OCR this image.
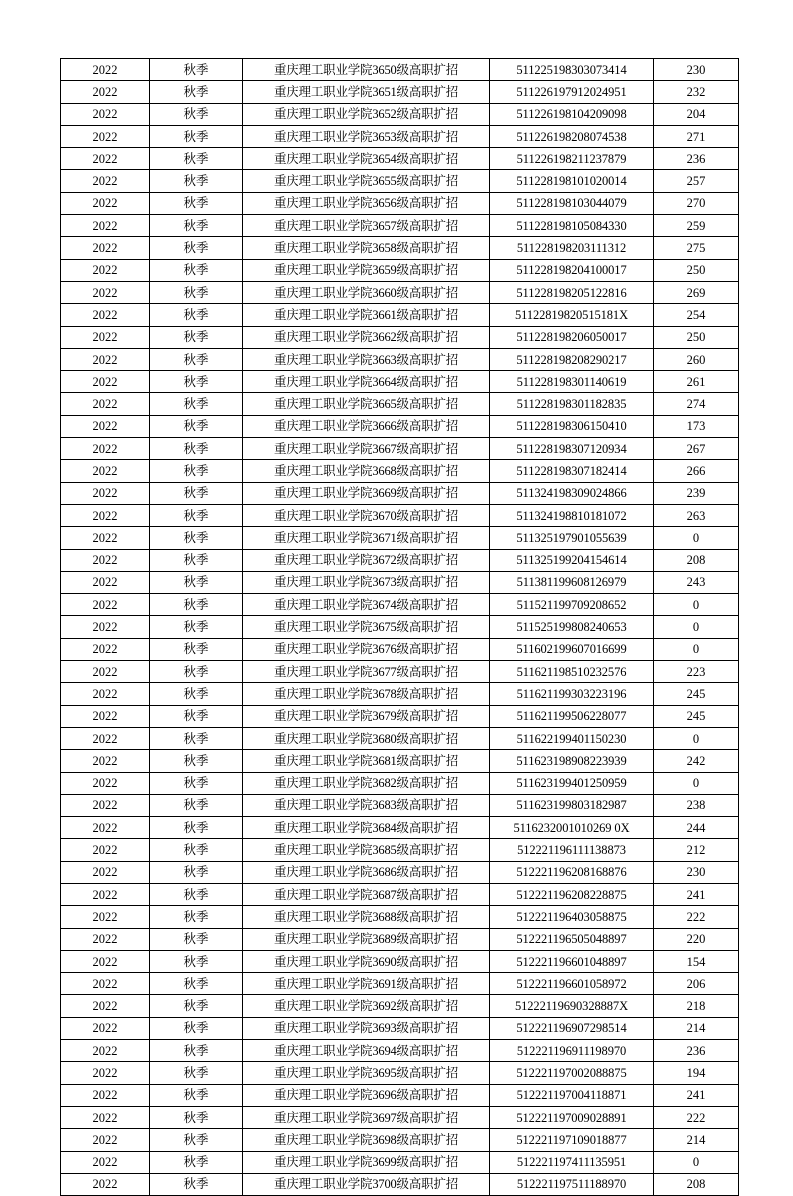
2022	秋季	重庆理工职业学院3650级高职扩招	511225198303073414	230
2022	秋季	重庆理工职业学院3651级高职扩招	511226197912024951	232
2022	秋季	重庆理工职业学院3652级高职扩招	511226198104209098	204
2022	秋季	重庆理工职业学院3653级高职扩招	511226198208074538	271
2022	秋季	重庆理工职业学院3654级高职扩招	511226198211237879	236
2022	秋季	重庆理工职业学院3655级高职扩招	511228198101020014	257
2022	秋季	重庆理工职业学院3656级高职扩招	511228198103044079	270
2022	秋季	重庆理工职业学院3657级高职扩招	511228198105084330	259
2022	秋季	重庆理工职业学院3658级高职扩招	511228198203111312	275
2022	秋季	重庆理工职业学院3659级高职扩招	511228198204100017	250
2022	秋季	重庆理工职业学院3660级高职扩招	511228198205122816	269
2022	秋季	重庆理工职业学院3661级高职扩招	51122819820515181X	254
2022	秋季	重庆理工职业学院3662级高职扩招	511228198206050017	250
2022	秋季	重庆理工职业学院3663级高职扩招	511228198208290217	260
2022	秋季	重庆理工职业学院3664级高职扩招	511228198301140619	261
2022	秋季	重庆理工职业学院3665级高职扩招	511228198301182835	274
2022	秋季	重庆理工职业学院3666级高职扩招	511228198306150410	173
2022	秋季	重庆理工职业学院3667级高职扩招	511228198307120934	267
2022	秋季	重庆理工职业学院3668级高职扩招	511228198307182414	266
2022	秋季	重庆理工职业学院3669级高职扩招	511324198309024866	239
2022	秋季	重庆理工职业学院3670级高职扩招	511324198810181072	263
2022	秋季	重庆理工职业学院3671级高职扩招	511325197901055639	0
2022	秋季	重庆理工职业学院3672级高职扩招	511325199204154614	208
2022	秋季	重庆理工职业学院3673级高职扩招	511381199608126979	243
2022	秋季	重庆理工职业学院3674级高职扩招	511521199709208652	0
2022	秋季	重庆理工职业学院3675级高职扩招	511525199808240653	0
2022	秋季	重庆理工职业学院3676级高职扩招	511602199607016699	0
2022	秋季	重庆理工职业学院3677级高职扩招	511621198510232576	223
2022	秋季	重庆理工职业学院3678级高职扩招	511621199303223196	245
2022	秋季	重庆理工职业学院3679级高职扩招	511621199506228077	245
2022	秋季	重庆理工职业学院3680级高职扩招	511622199401150230	0
2022	秋季	重庆理工职业学院3681级高职扩招	511623198908223939	242
2022	秋季	重庆理工职业学院3682级高职扩招	511623199401250959	0
2022	秋季	重庆理工职业学院3683级高职扩招	511623199803182987	238
2022	秋季	重庆理工职业学院3684级高职扩招	5116232001010269 0X	244
2022	秋季	重庆理工职业学院3685级高职扩招	512221196111138873	212
2022	秋季	重庆理工职业学院3686级高职扩招	512221196208168876	230
2022	秋季	重庆理工职业学院3687级高职扩招	512221196208228875	241
2022	秋季	重庆理工职业学院3688级高职扩招	512221196403058875	222
2022	秋季	重庆理工职业学院3689级高职扩招	512221196505048897	220
2022	秋季	重庆理工职业学院3690级高职扩招	512221196601048897	154
2022	秋季	重庆理工职业学院3691级高职扩招	512221196601058972	206
2022	秋季	重庆理工职业学院3692级高职扩招	51222119690328887X	218
2022	秋季	重庆理工职业学院3693级高职扩招	512221196907298514	214
2022	秋季	重庆理工职业学院3694级高职扩招	512221196911198970	236
2022	秋季	重庆理工职业学院3695级高职扩招	512221197002088875	194
2022	秋季	重庆理工职业学院3696级高职扩招	512221197004118871	241
2022	秋季	重庆理工职业学院3697级高职扩招	512221197009028891	222
2022	秋季	重庆理工职业学院3698级高职扩招	512221197109018877	214
2022	秋季	重庆理工职业学院3699级高职扩招	512221197411135951	0
2022	秋季	重庆理工职业学院3700级高职扩招	512221197511188970	208
